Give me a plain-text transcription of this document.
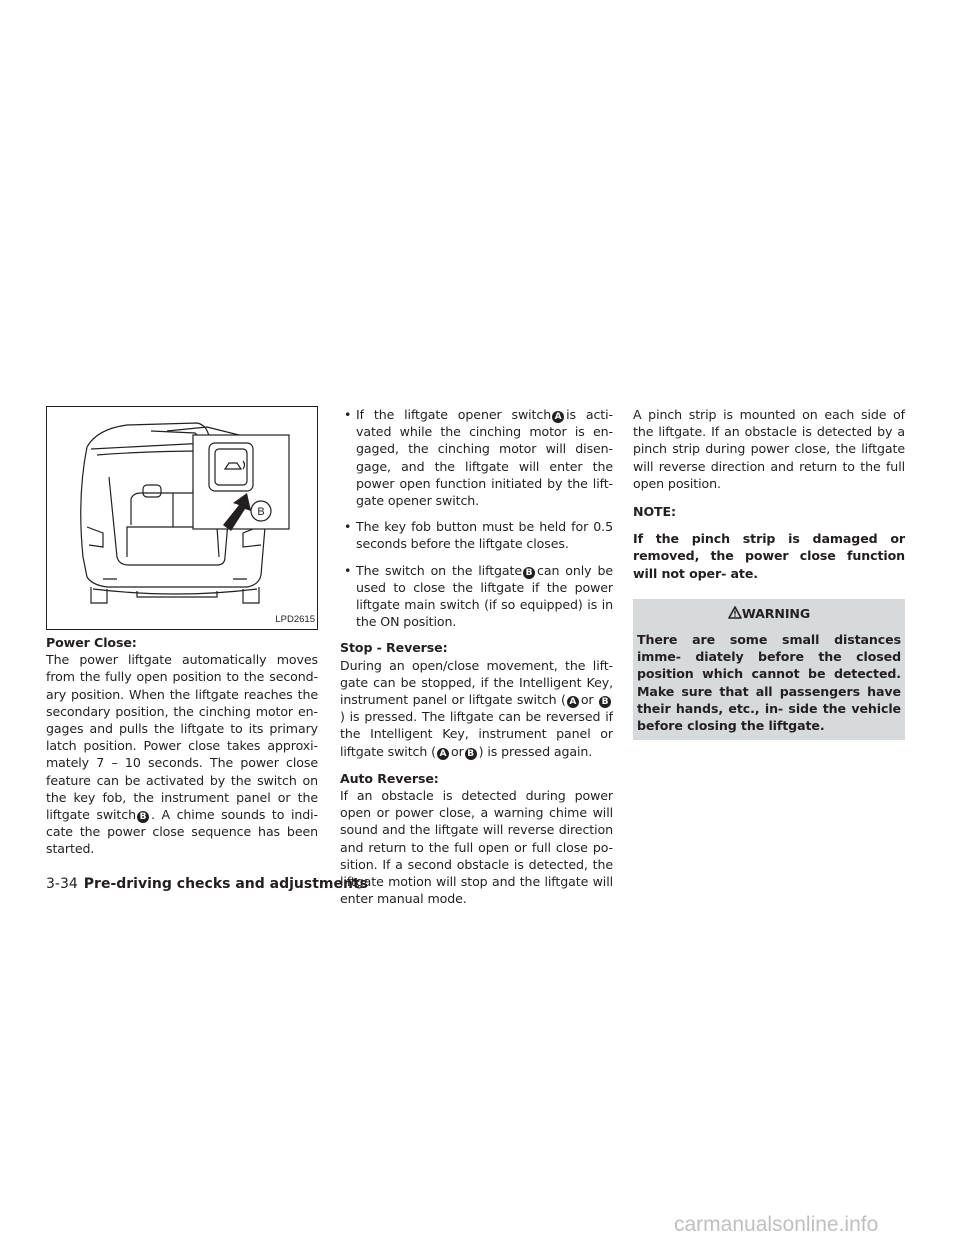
B
LPD2615
Power Close:

The power liftgate automatically moves from the fully open position to the second- ary position. When the liftgate reaches the secondary position, the cinching motor en- gages and pulls the liftgate to its primary latch position. Power close takes approxi- mately 7 – 10 seconds. The power close feature can be activated by the switch on the key fob, the instrument panel or the liftgate switch B . A chime sounds to indi- cate the power close sequence has been started.

• If the liftgate opener switch A is acti- vated while the cinching motor is en- gaged, the cinching motor will disen- gage, and the liftgate will enter the power open function initiated by the lift- gate opener switch.
• The key fob button must be held for 0.5 seconds before the liftgate closes.
• The switch on the liftgate B can only be used to close the liftgate if the power liftgate main switch (if so equipped) is in the ON position.
Stop - Reverse:

During an open/close movement, the lift- gate can be stopped, if the Intelligent Key, instrument panel or liftgate switch ( A or B) is pressed. The liftgate can be reversed if the Intelligent Key, instrument panel or liftgate switch ( A or B ) is pressed again.

Auto Reverse:

If an obstacle is detected during power open or power close, a warning chime will sound and the liftgate will reverse direction and return to the full open or full close po- sition. If a second obstacle is detected, the liftgate motion will stop and the liftgate will enter manual mode.

A pinch strip is mounted on each side of the liftgate. If an obstacle is detected by a pinch strip during power close, the liftgate will reverse direction and return to the full open position.

NOTE:

If the pinch strip is damaged or removed, the power close function will not oper- ate.

WARNING

There are some small distances imme- diately before the closed position which cannot be detected. Make sure that all passengers have their hands, etc., in- side the vehicle before closing the liftgate.

3-34 Pre-driving checks and adjustments
carmanualsonline.info
